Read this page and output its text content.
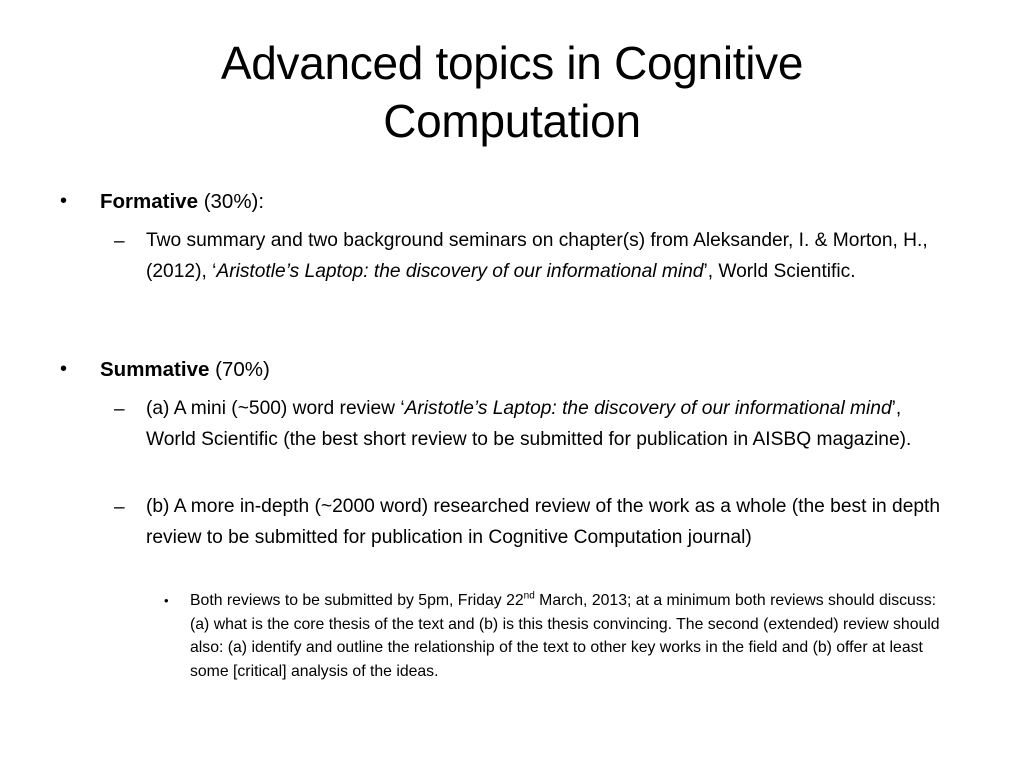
Advanced topics in Cognitive
Computation
• Formative (30%):
– Two summary and two background seminars on chapter(s) from Aleksander, I. & Morton, H., (2012), ‘Aristotle’s Laptop: the discovery of our informational mind’, World Scientific.
• Summative (70%)
– (a) A mini (~500) word review ‘Aristotle’s Laptop: the discovery of our informational mind’, World Scientific (the best short review to be submitted for publication in AISBQ magazine).
– (b) A more in-depth (~2000 word) researched review of the work as a whole (the best in depth review to be submitted for publication in Cognitive Computation journal)
• Both reviews to be submitted by 5pm, Friday 22nd March, 2013; at a minimum both reviews should discuss: (a) what is the core thesis of the text and (b) is this thesis convincing. The second (extended) review should also: (a) identify and outline the relationship of the text to other key works in the field and (b) offer at least some [critical] analysis of the ideas.
